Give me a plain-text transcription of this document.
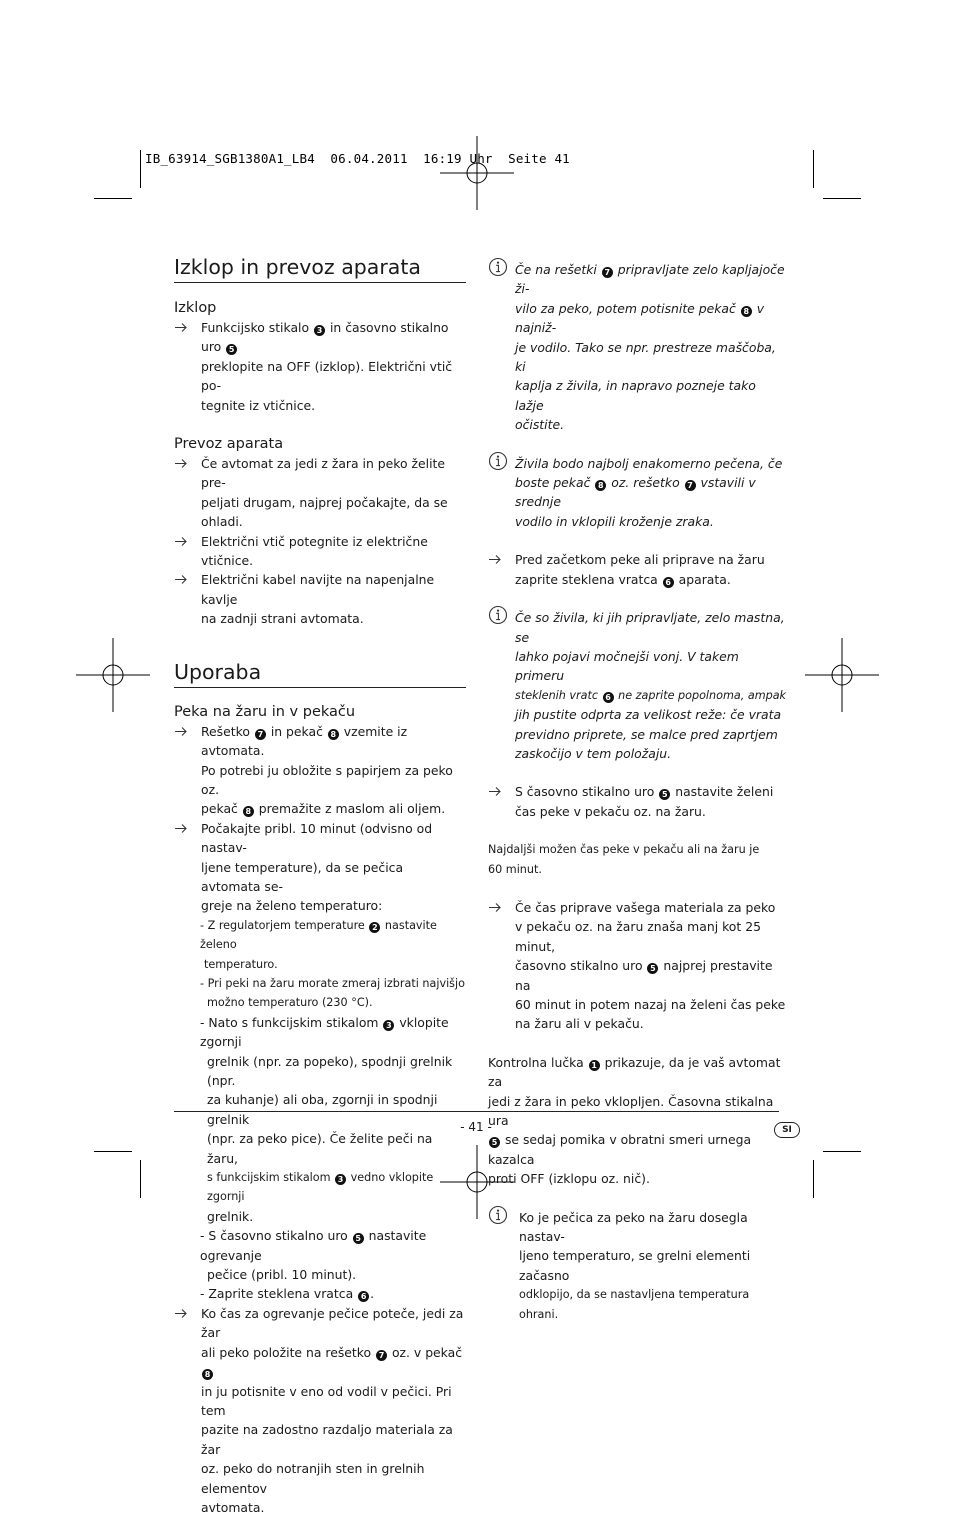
IB_63914_SGB1380A1_LB4  06.04.2011  16:19 Uhr  Seite 41
Izklop in prevoz aparata
Izklop
Funkcijsko stikalo 3 in časovno stikalno uro 5
preklopite na OFF (izklop). Električni vtič po-
tegnite iz vtičnice.
Prevoz aparata
Če avtomat za jedi z žara in peko želite pre-
peljati drugam, najprej počakajte, da se ohladi.
Električni vtič potegnite iz električne vtičnice.
Električni kabel navijte na napenjalne kavlje
na zadnji strani avtomata.
Uporaba
Peka na žaru in v pekaču
Rešetko 7 in pekač 8 vzemite iz avtomata.
Po potrebi ju obložite s papirjem za peko oz.
pekač 8 premažite z maslom ali oljem.
Počakajte pribl. 10 minut (odvisno od nastav-
ljene temperature), da se pečica avtomata se-
greje na želeno temperaturo:
- Z regulatorjem temperature 2 nastavite želeno
temperaturo.
- Pri peki na žaru morate zmeraj izbrati najvišjo
možno temperaturo (230 °C).
- Nato s funkcijskim stikalom 3 vklopite zgornji
grelnik (npr. za popeko), spodnji grelnik (npr.
za kuhanje) ali oba, zgornji in spodnji grelnik
(npr. za peko pice). Če želite peči na žaru,
s funkcijskim stikalom 3 vedno vklopite zgornji
grelnik.
- S časovno stikalno uro 5 nastavite ogrevanje
pečice (pribl. 10 minut).
- Zaprite steklena vratca 6 .
Ko čas za ogrevanje pečice poteče, jedi za žar
ali peko položite na rešetko 7 oz. v pekač 8
in ju potisnite v eno od vodil v pečici. Pri tem
pazite na zadostno razdaljo materiala za žar
oz. peko do notranjih sten in grelnih elementov
avtomata.
Če na rešetki 7 pripravljate zelo kapljajoče ži-
vilo za peko, potem potisnite pekač 8 v najniž-
je vodilo. Tako se npr. prestreze maščoba, ki
kaplja z živila, in napravo pozneje tako lažje
očistite.
Živila bodo najbolj enakomerno pečena, če
boste pekač 8 oz. rešetko 7 vstavili v srednje
vodilo in vklopili kroženje zraka.
Pred začetkom peke ali priprave na žaru
zaprite steklena vratca 6 aparata.
Če so živila, ki jih pripravljate, zelo mastna, se
lahko pojavi močnejši vonj. V takem primeru
steklenih vratc 6 ne zaprite popolnoma, ampak
jih pustite odprta za velikost reže: če vrata
previdno priprete, se malce pred zaprtjem
zaskočijo v tem položaju.
S časovno stikalno uro 5 nastavite želeni
čas peke v pekaču oz. na žaru.
Najdaljši možen čas peke v pekaču ali na žaru je
60 minut.
Če čas priprave vašega materiala za peko
v pekaču oz. na žaru znaša manj kot 25 minut,
časovno stikalno uro 5 najprej prestavite na
60 minut in potem nazaj na želeni čas peke
na žaru ali v pekaču.
Kontrolna lučka 1 prikazuje, da je vaš avtomat za
jedi z žara in peko vklopljen. Časovna stikalna ura
5 se sedaj pomika v obratni smeri urnega kazalca
proti OFF (izklopu oz. nič).
Ko je pečica za peko na žaru dosegla nastav-
ljeno temperaturo, se grelni elementi začasno
odklopijo, da se nastavljena temperatura ohrani.
- 41 -	SI
